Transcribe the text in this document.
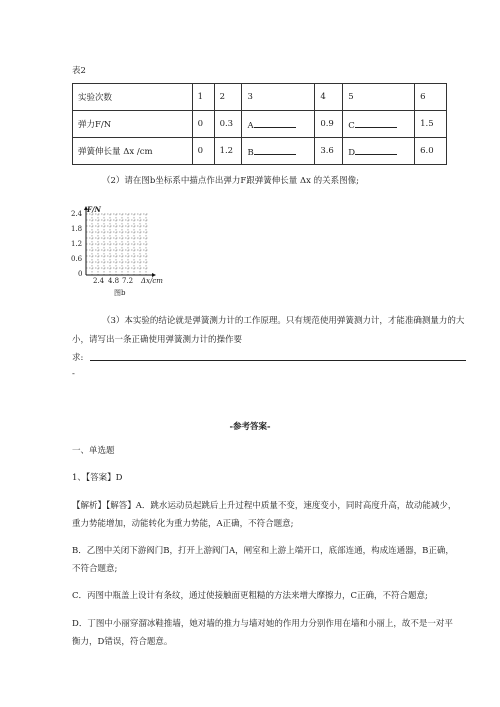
表2
实验次数	1	2	3	4	5	6
弹力F/N	0	0.3	A	0.9	C	1.5
弹簧伸长量 Δx /cm	0	1.2	B	3.6	D	6.0
（2）请在图b坐标系中描点作出弹力F跟弹簧伸长量 Δx 的关系图像;
F/N
2.4
1.8
1.2
0.6
0
2.4 4.8 7.2 Δx/cm
图b
（3）本实验的结论就是弹簧测力计的工作原理。只有规范使用弹簧测力计，才能准确测量力的大
小，请写出一条正确使用弹簧测力计的操作要
求:
-
-参考答案-
一、单选题
1、【答案】D
【解析】【解答】A．跳水运动员起跳后上升过程中质量不变，速度变小，同时高度升高，故动能减少，
重力势能增加，动能转化为重力势能，A正确，不符合题意;
B．乙图中关闭下游阀门B，打开上游阀门A，闸室和上游上端开口，底部连通，构成连通器，B正确，
不符合题意;
C．丙图中瓶盖上设计有条纹，通过使接触面更粗糙的方法来增大摩擦力，C正确，不符合题意;
D．丁图中小丽穿溜冰鞋推墙，她对墙的推力与墙对她的作用力分别作用在墙和小丽上，故不是一对平
衡力，D错误，符合题意。
